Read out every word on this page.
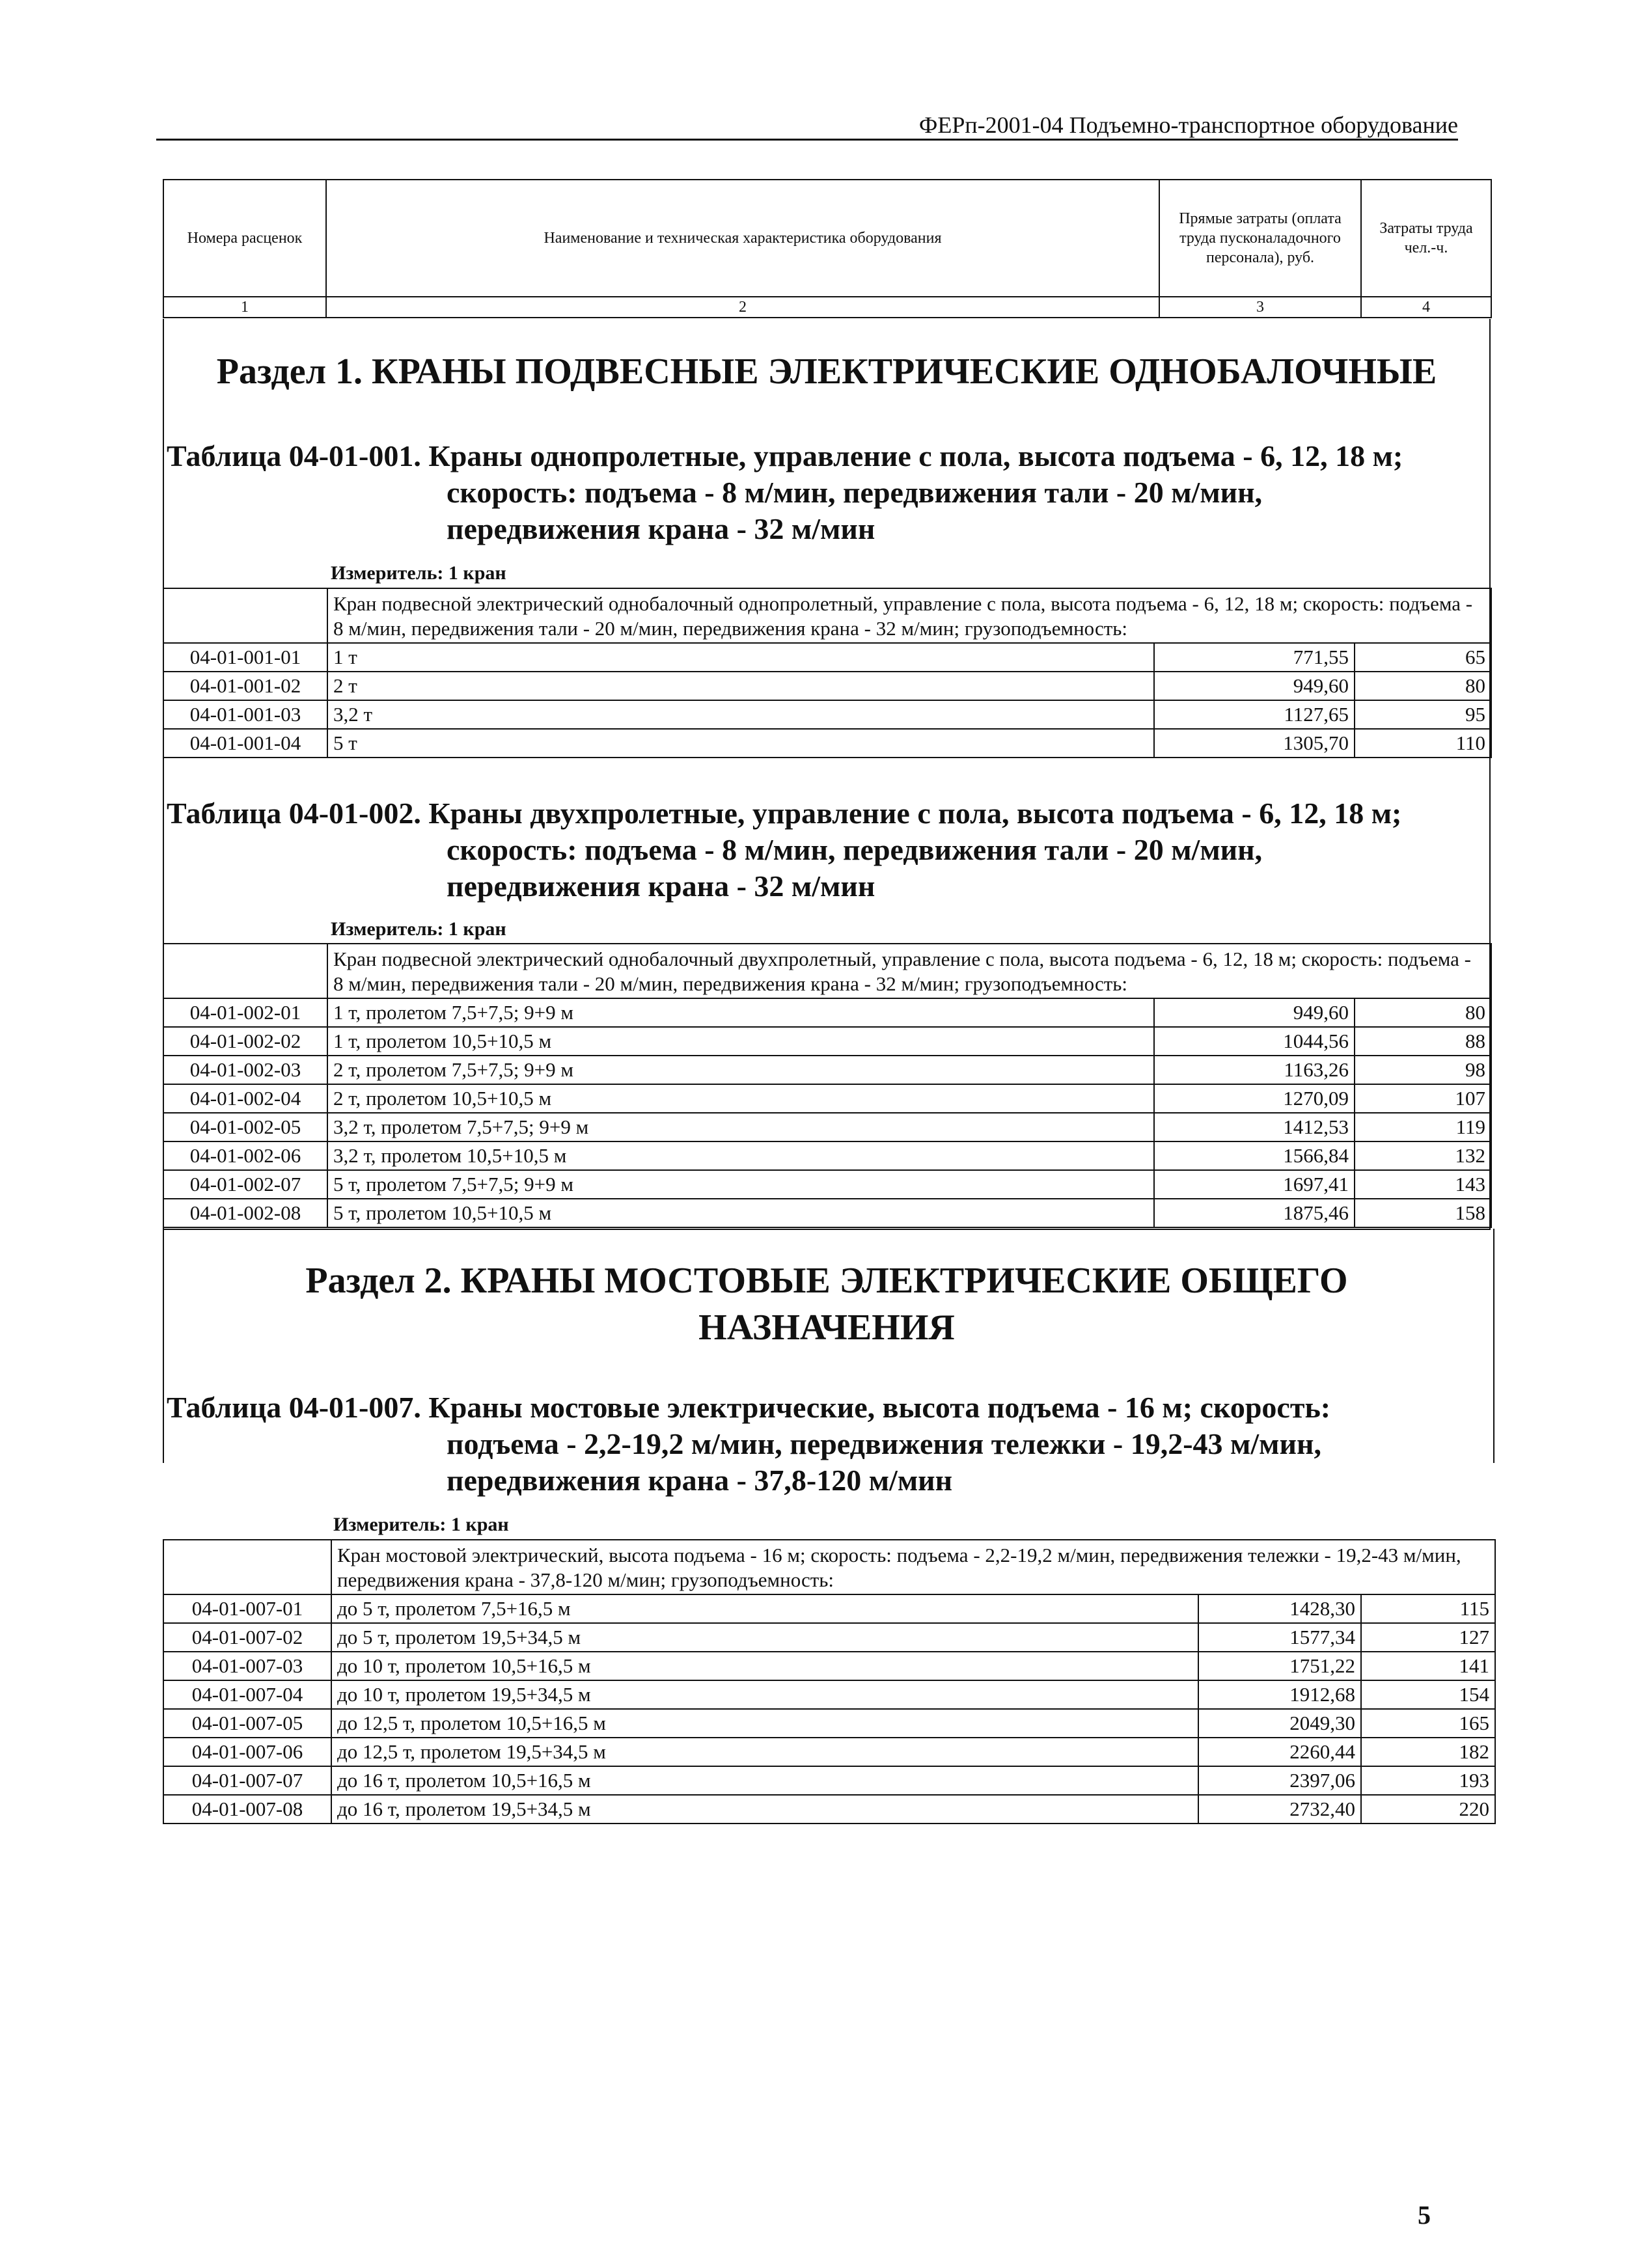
ФЕРп-2001-04 Подъемно-транспортное оборудование
Номера расценок	Наименование и техническая характеристика оборудования	Прямые затраты (оплата труда пусконаладочного персонала), руб.	Затраты труда чел.-ч.
1	2	3	4
Раздел 1. КРАНЫ ПОДВЕСНЫЕ ЭЛЕКТРИЧЕСКИЕ ОДНОБАЛОЧНЫЕ
Таблица 04-01-001. Краны однопролетные, управление с пола, высота подъема - 6, 12, 18 м;
скорость: подъема - 8 м/мин, передвижения тали - 20 м/мин,
передвижения крана - 32 м/мин
Измеритель: 1 кран
	Кран подвесной электрический однобалочный однопролетный, управление с пола, высота подъема - 6, 12, 18 м; скорость: подъема - 8 м/мин, передвижения тали - 20 м/мин, передвижения крана - 32 м/мин; грузоподъемность:		
04-01-001-01	1 т	771,55	65
04-01-001-02	2 т	949,60	80
04-01-001-03	3,2 т	1127,65	95
04-01-001-04	5 т	1305,70	110
Таблица 04-01-002. Краны двухпролетные, управление с пола, высота подъема - 6, 12, 18 м;
скорость: подъема - 8 м/мин, передвижения тали - 20 м/мин,
передвижения крана - 32 м/мин
Измеритель: 1 кран
	Кран подвесной электрический однобалочный двухпролетный, управление с пола, высота подъема - 6, 12, 18 м; скорость: подъема - 8 м/мин, передвижения тали - 20 м/мин, передвижения крана - 32 м/мин; грузоподъемность:		
04-01-002-01	1 т, пролетом 7,5+7,5; 9+9 м	949,60	80
04-01-002-02	1 т, пролетом 10,5+10,5 м	1044,56	88
04-01-002-03	2 т, пролетом 7,5+7,5; 9+9 м	1163,26	98
04-01-002-04	2 т, пролетом 10,5+10,5 м	1270,09	107
04-01-002-05	3,2 т, пролетом 7,5+7,5; 9+9 м	1412,53	119
04-01-002-06	3,2 т, пролетом 10,5+10,5 м	1566,84	132
04-01-002-07	5 т, пролетом 7,5+7,5; 9+9 м	1697,41	143
04-01-002-08	5 т, пролетом 10,5+10,5 м	1875,46	158
Раздел 2. КРАНЫ МОСТОВЫЕ ЭЛЕКТРИЧЕСКИЕ ОБЩЕГО
НАЗНАЧЕНИЯ
Таблица 04-01-007. Краны мостовые электрические, высота подъема - 16 м; скорость:
подъема - 2,2-19,2 м/мин, передвижения тележки - 19,2-43 м/мин,
передвижения крана - 37,8-120 м/мин
Измеритель: 1 кран
	Кран мостовой электрический, высота подъема - 16 м; скорость: подъема - 2,2-19,2 м/мин, передвижения тележки - 19,2-43 м/мин, передвижения крана - 37,8-120 м/мин; грузоподъемность:		
04-01-007-01	до 5 т, пролетом 7,5+16,5 м	1428,30	115
04-01-007-02	до 5 т, пролетом 19,5+34,5 м	1577,34	127
04-01-007-03	до 10 т, пролетом 10,5+16,5 м	1751,22	141
04-01-007-04	до 10 т, пролетом 19,5+34,5 м	1912,68	154
04-01-007-05	до 12,5 т, пролетом 10,5+16,5 м	2049,30	165
04-01-007-06	до 12,5 т, пролетом 19,5+34,5 м	2260,44	182
04-01-007-07	до 16 т, пролетом 10,5+16,5 м	2397,06	193
04-01-007-08	до 16 т, пролетом 19,5+34,5 м	2732,40	220
5
